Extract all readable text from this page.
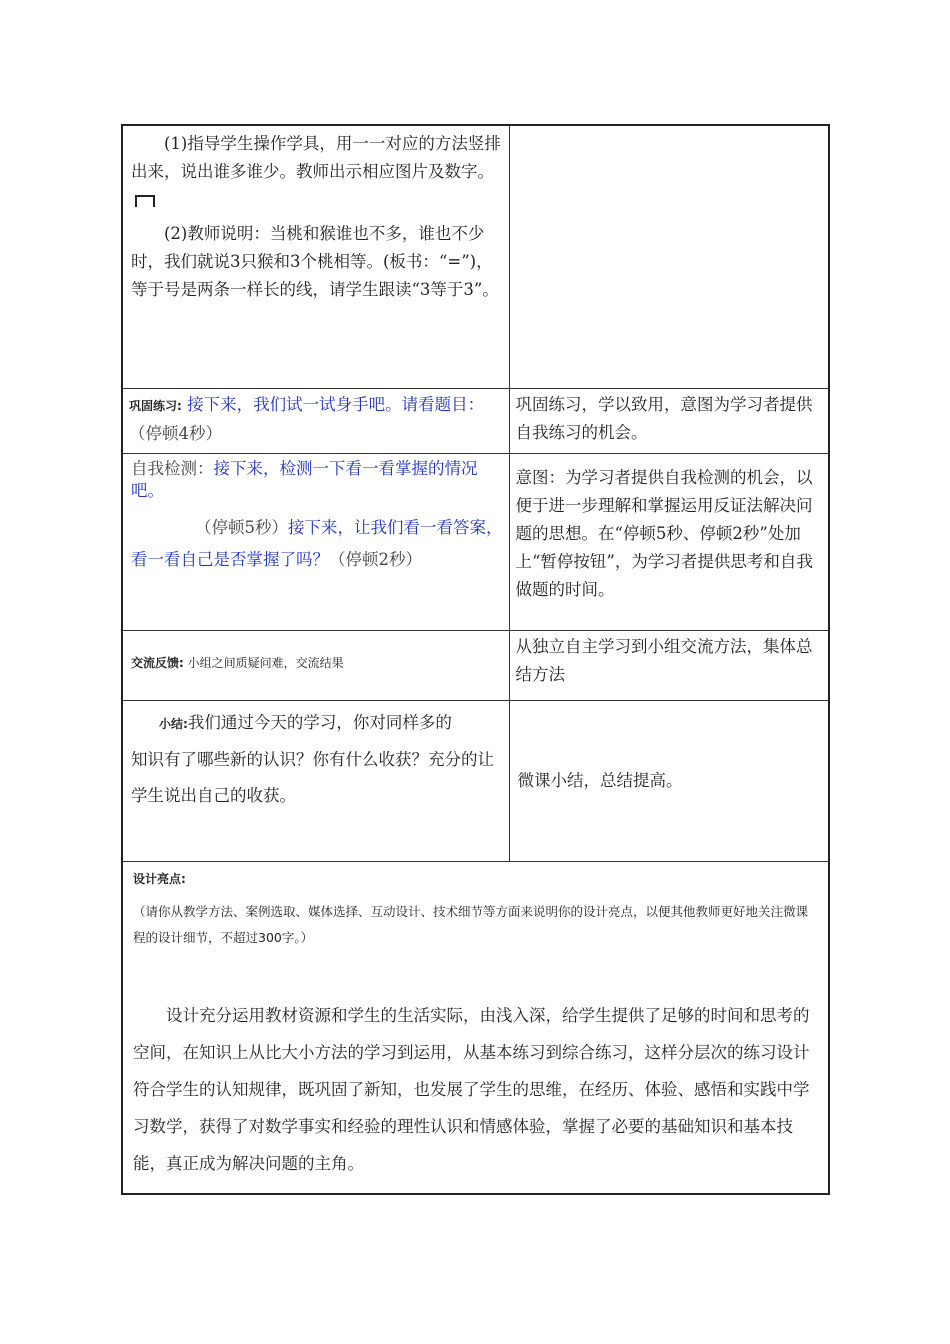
(1)指导学生操作学具，用一一对应的方法竖排出来，说出谁多谁少。教师出示相应图片及数字。

(2)教师说明：当桃和猴谁也不多，谁也不少时，我们就说3只猴和3个桃相等。(板书：“=”)，等于号是两条一样长的线，请学生跟读“3等于3”。	

巩固练习: 接下来，我们试一试身手吧。请看题目：（停顿4秒）	巩固练习，学以致用，意图为学习者提供自我练习的机会。

自我检测：接下来，检测一下看一看掌握的情况吧。
（停顿5秒）接下来，让我们看一看答案，
看一看自己是否掌握了吗？（停顿2秒）	意图：为学习者提供自我检测的机会，以便于进一步理解和掌握运用反证法解决问题的思想。在“停顿5秒、停顿2秒”处加上“暂停按钮”，为学习者提供思考和自我做题的时间。

交流反馈: 小组之间质疑问难，交流结果	从独立自主学习到小组交流方法，集体总结方法

小结:我们通过今天的学习，你对同样多的
知识有了哪些新的认识？你有什么收获？充分的让学生说出自己的收获。	微课小结，总结提高。

设计亮点:
（请你从教学方法、案例选取、媒体选择、互动设计、技术细节等方面来说明你的设计亮点，以便其他教师更好地关注微课程的设计细节，不超过300字。）

设计充分运用教材资源和学生的生活实际，由浅入深，给学生提供了足够的时间和思考的空间，在知识上从比大小方法的学习到运用，从基本练习到综合练习，这样分层次的练习设计符合学生的认知规律，既巩固了新知，也发展了学生的思维，在经历、体验、感悟和实践中学习数学，获得了对数学事实和经验的理性认识和情感体验，掌握了必要的基础知识和基本技能，真正成为解决问题的主角。	
